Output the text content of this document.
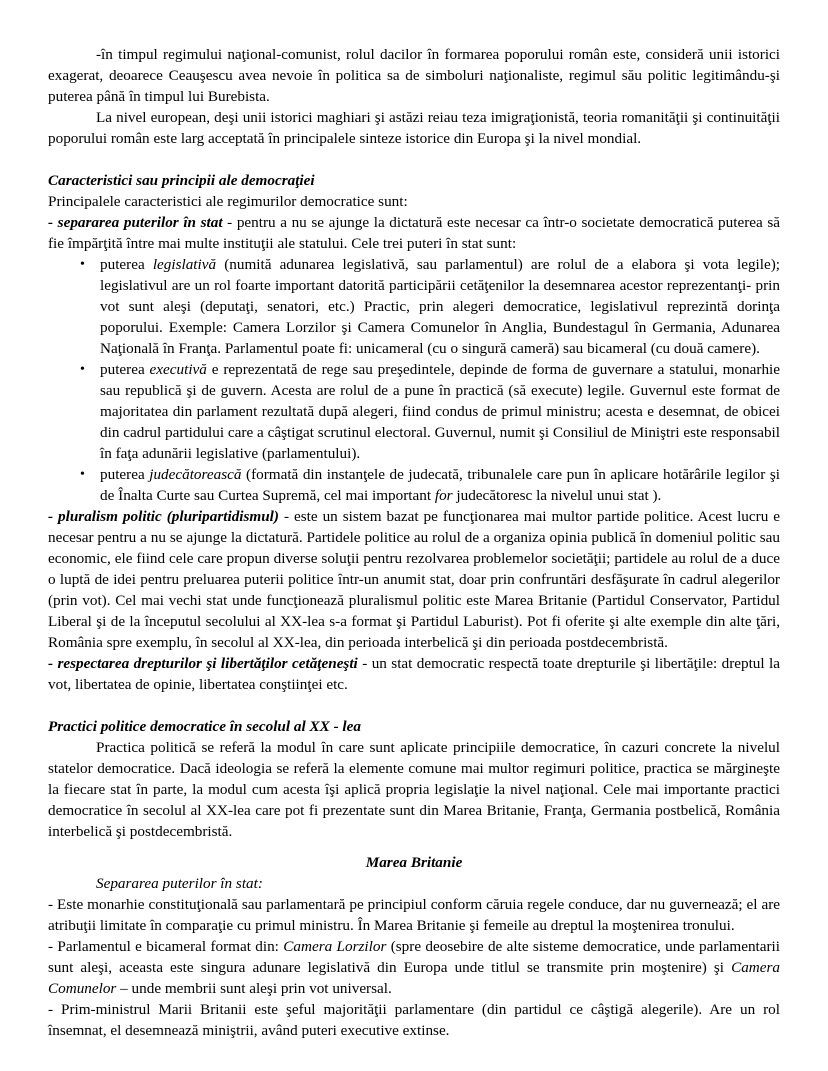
-în timpul regimului naţional-comunist, rolul dacilor în formarea poporului român este, consideră unii istorici exagerat, deoarece Ceauşescu avea nevoie în politica sa de simboluri naţionaliste, regimul său politic legitimându-şi puterea până în timpul lui Burebista.

La nivel european, deşi unii istorici maghiari şi astăzi reiau teza imigraţionistă, teoria romanităţii şi continuităţii poporului român este larg acceptată în principalele sinteze istorice din Europa şi la nivel mondial.

Caracteristici sau principii ale democraţiei

Principalele caracteristici ale regimurilor democratice sunt:

- separarea puterilor în stat - pentru a nu se ajunge la dictatură este necesar ca într-o societate democratică puterea să fie împărţită între mai multe instituţii ale statului. Cele trei puteri în stat sunt:

• puterea legislativă (numită adunarea legislativă, sau parlamentul) are rolul de a elabora şi vota legile); legislativul are un rol foarte important datorită participării cetăţenilor la desemnarea acestor reprezentanţi- prin vot sunt aleşi (deputaţi, senatori, etc.) Practic, prin alegeri democratice, legislativul reprezintă dorinţa poporului. Exemple: Camera Lorzilor şi Camera Comunelor în Anglia, Bundestagul în Germania, Adunarea Naţională în Franţa. Parlamentul poate fi: unicameral (cu o singură cameră) sau bicameral (cu două camere).
• puterea executivă e reprezentată de rege sau preşedintele, depinde de forma de guvernare a statului, monarhie sau republică şi de guvern. Acesta are rolul de a pune în practică (să execute) legile. Guvernul este format de majoritatea din parlament rezultată după alegeri, fiind condus de primul ministru; acesta e desemnat, de obicei din cadrul partidului care a câştigat scrutinul electoral. Guvernul, numit şi Consiliul de Miniştri este responsabil în faţa adunării legislative (parlamentului).
• puterea judecătorească (formată din instanţele de judecată, tribunalele care pun în aplicare hotărârile legilor şi de Înalta Curte sau Curtea Supremă, cel mai important for judecătoresc la nivelul unui stat ).

- pluralism politic (pluripartidismul) - este un sistem bazat pe funcţionarea mai multor partide politice. Acest lucru e necesar pentru a nu se ajunge la dictatură. Partidele politice au rolul de a organiza opinia publică în domeniul politic sau economic, ele fiind cele care propun diverse soluţii pentru rezolvarea problemelor societăţii; partidele au rolul de a duce o luptă de idei pentru preluarea puterii politice într-un anumit stat, doar prin confruntări desfăşurate în cadrul alegerilor (prin vot). Cel mai vechi stat unde funcţionează pluralismul politic este Marea Britanie (Partidul Conservator, Partidul Liberal şi de la începutul secolului al XX-lea s-a format şi Partidul Laburist). Pot fi oferite şi alte exemple din alte ţări, România spre exemplu, în secolul al XX-lea, din perioada interbelică şi din perioada postdecembristă.

- respectarea drepturilor şi libertăţilor cetăţeneşti - un stat democratic respectă toate drepturile şi libertăţile: dreptul la vot, libertatea de opinie, libertatea conştiinţei etc.

Practici politice democratice în secolul al XX - lea

Practica politică se referă la modul în care sunt aplicate principiile democratice, în cazuri concrete la nivelul statelor democratice. Dacă ideologia se referă la elemente comune mai multor regimuri politice, practica se mărgineşte la fiecare stat în parte, la modul cum acesta îşi aplică propria legislaţie la nivel naţional. Cele mai importante practici democratice în secolul al XX-lea care pot fi prezentate sunt din Marea Britanie, Franţa, Germania postbelică, România interbelică şi postdecembristă.

Marea Britanie

Separarea puterilor în stat:

- Este monarhie constituţională sau parlamentară pe principiul conform căruia regele conduce, dar nu guvernează; el are atribuţii limitate în comparaţie cu primul ministru. În Marea Britanie şi femeile au dreptul la moştenirea tronului.

- Parlamentul e bicameral format din: Camera Lorzilor (spre deosebire de alte sisteme democratice, unde parlamentarii sunt aleşi, aceasta este singura adunare legislativă din Europa unde titlul se transmite prin moştenire) şi Camera Comunelor – unde membrii sunt aleşi prin vot universal.

- Prim-ministrul Marii Britanii este şeful majorităţii parlamentare (din partidul ce câştigă alegerile). Are un rol însemnat, el desemnează miniştrii, având puteri executive extinse.
